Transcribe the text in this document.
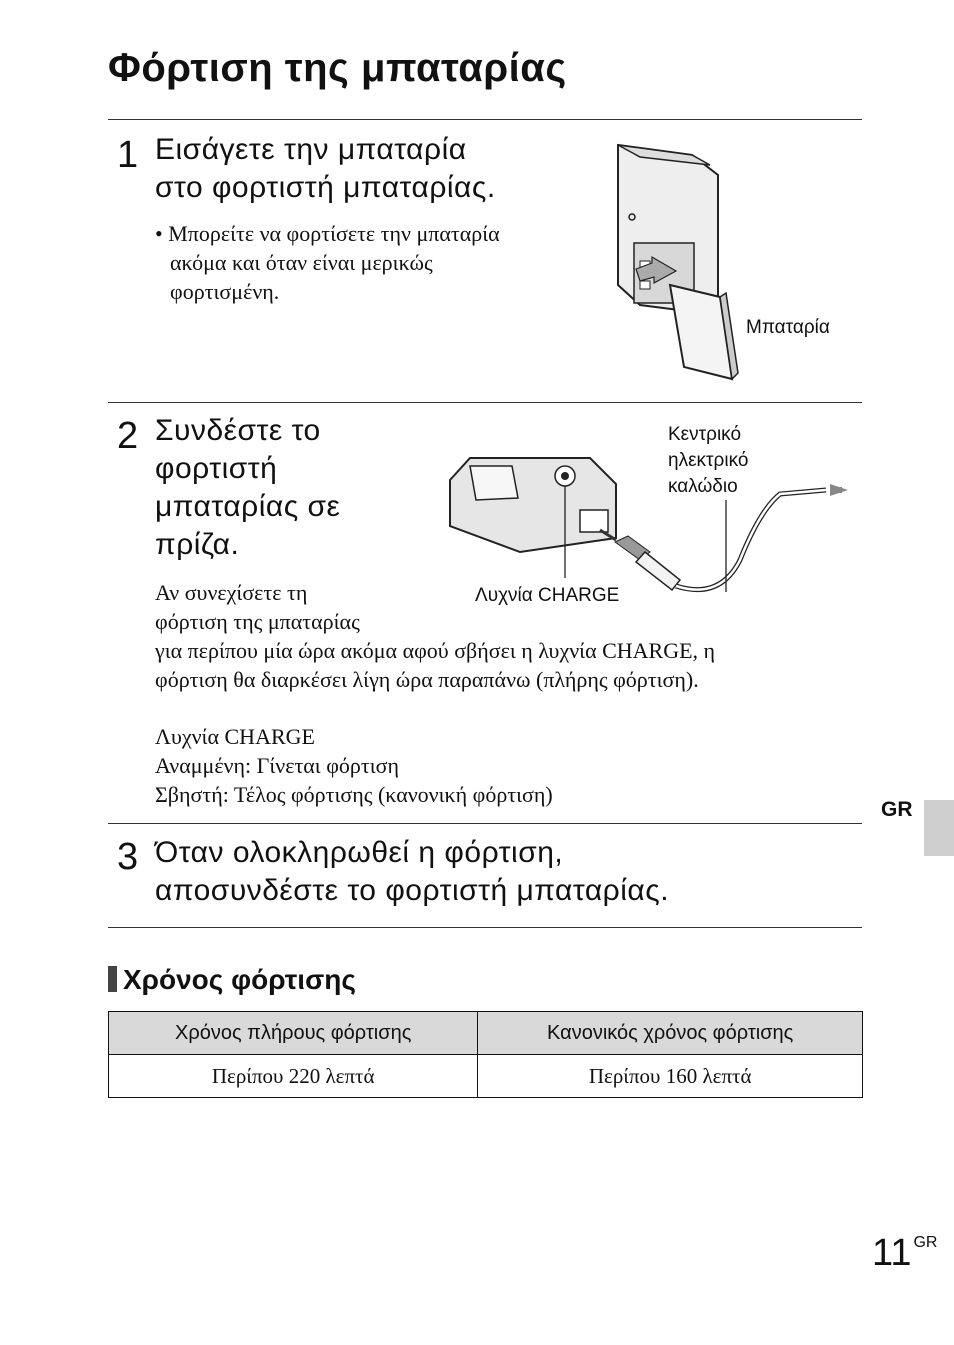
Φόρτιση της μπαταρίας
1 Εισάγετε την μπαταρία
στο φορτιστή μπαταρίας.
• Μπορείτε να φορτίσετε την μπαταρία
ακόμα και όταν είναι μερικώς
φορτισμένη.
Μπαταρία
2 Συνδέστε το
φορτιστή
μπαταρίας σε
πρίζα.
Κεντρικό
ηλεκτρικό
καλώδιο
Λυχνία CHARGE
Αν συνεχίσετε τη
φόρτιση της μπαταρίας
για περίπου μία ώρα ακόμα αφού σβήσει η λυχνία CHARGE, η
φόρτιση θα διαρκέσει λίγη ώρα παραπάνω (πλήρης φόρτιση).
Λυχνία CHARGE
Αναμμένη: Γίνεται φόρτιση
Σβηστή: Τέλος φόρτισης (κανονική φόρτιση)
3 Όταν ολοκληρωθεί η φόρτιση,
αποσυνδέστε το φορτιστή μπαταρίας.
Χρόνος φόρτισης
Χρόνος πλήρους φόρτισης	Κανονικός χρόνος φόρτισης
Περίπου 220 λεπτά	Περίπου 160 λεπτά
GR
11 $^{GR}$
